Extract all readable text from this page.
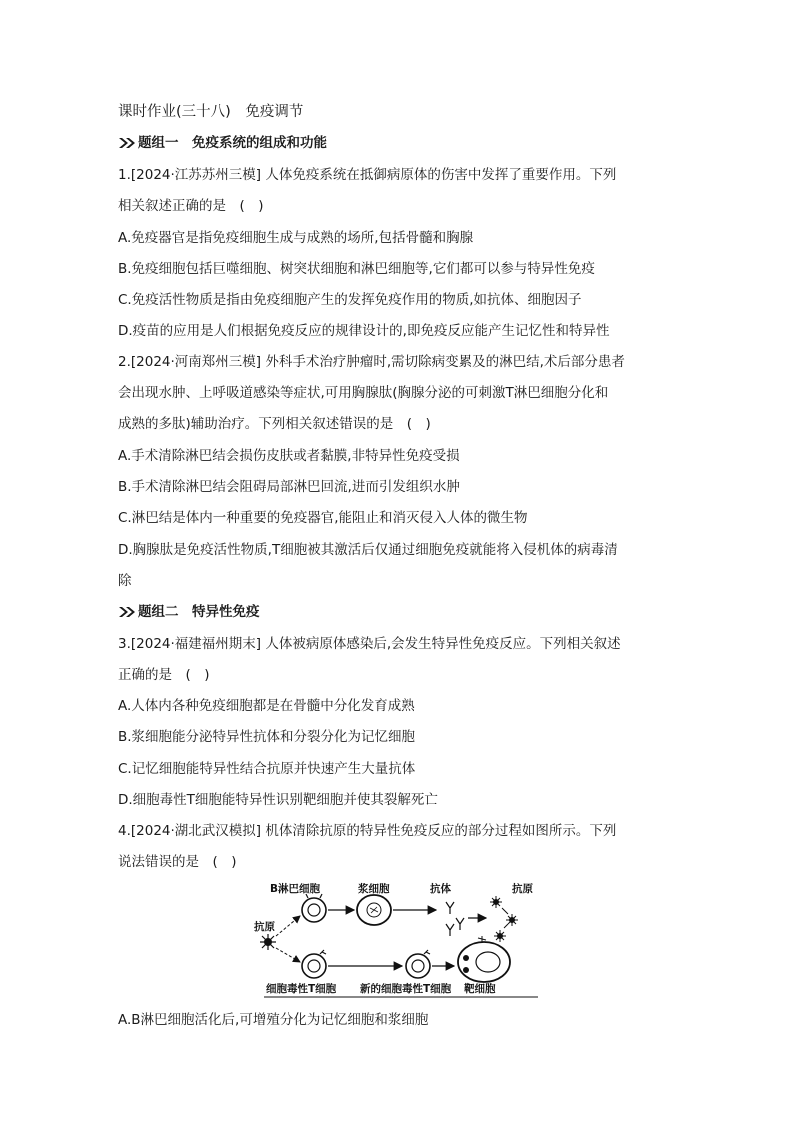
课时作业(三十八)　免疫调节
题组一　免疫系统的组成和功能
1.[2024·江苏苏州三模] 人体免疫系统在抵御病原体的伤害中发挥了重要作用。下列
相关叙述正确的是　(　)
A.免疫器官是指免疫细胞生成与成熟的场所,包括骨髓和胸腺
B.免疫细胞包括巨噬细胞、树突状细胞和淋巴细胞等,它们都可以参与特异性免疫
C.免疫活性物质是指由免疫细胞产生的发挥免疫作用的物质,如抗体、细胞因子
D.疫苗的应用是人们根据免疫反应的规律设计的,即免疫反应能产生记忆性和特异性
2.[2024·河南郑州三模] 外科手术治疗肿瘤时,需切除病变累及的淋巴结,术后部分患者
会出现水肿、上呼吸道感染等症状,可用胸腺肽(胸腺分泌的可刺激T淋巴细胞分化和
成熟的多肽)辅助治疗。下列相关叙述错误的是　(　)
A.手术清除淋巴结会损伤皮肤或者黏膜,非特异性免疫受损
B.手术清除淋巴结会阻碍局部淋巴回流,进而引发组织水肿
C.淋巴结是体内一种重要的免疫器官,能阻止和消灭侵入人体的微生物
D.胸腺肽是免疫活性物质,T细胞被其激活后仅通过细胞免疫就能将入侵机体的病毒清
除
题组二　特异性免疫
3.[2024·福建福州期末] 人体被病原体感染后,会发生特异性免疫反应。下列相关叙述
正确的是　(　)
A.人体内各种免疫细胞都是在骨髓中分化发育成熟
B.浆细胞能分泌特异性抗体和分裂分化为记忆细胞
C.记忆细胞能特异性结合抗原并快速产生大量抗体
D.细胞毒性T细胞能特异性识别靶细胞并使其裂解死亡
4.[2024·湖北武汉模拟] 机体清除抗原的特异性免疫反应的部分过程如图所示。下列
说法错误的是　(　)
B淋巴细胞	浆细胞	抗体	抗原
抗原
细胞毒性T细胞 新的细胞毒性T细胞 靶细胞
A.B淋巴细胞活化后,可增殖分化为记忆细胞和浆细胞
